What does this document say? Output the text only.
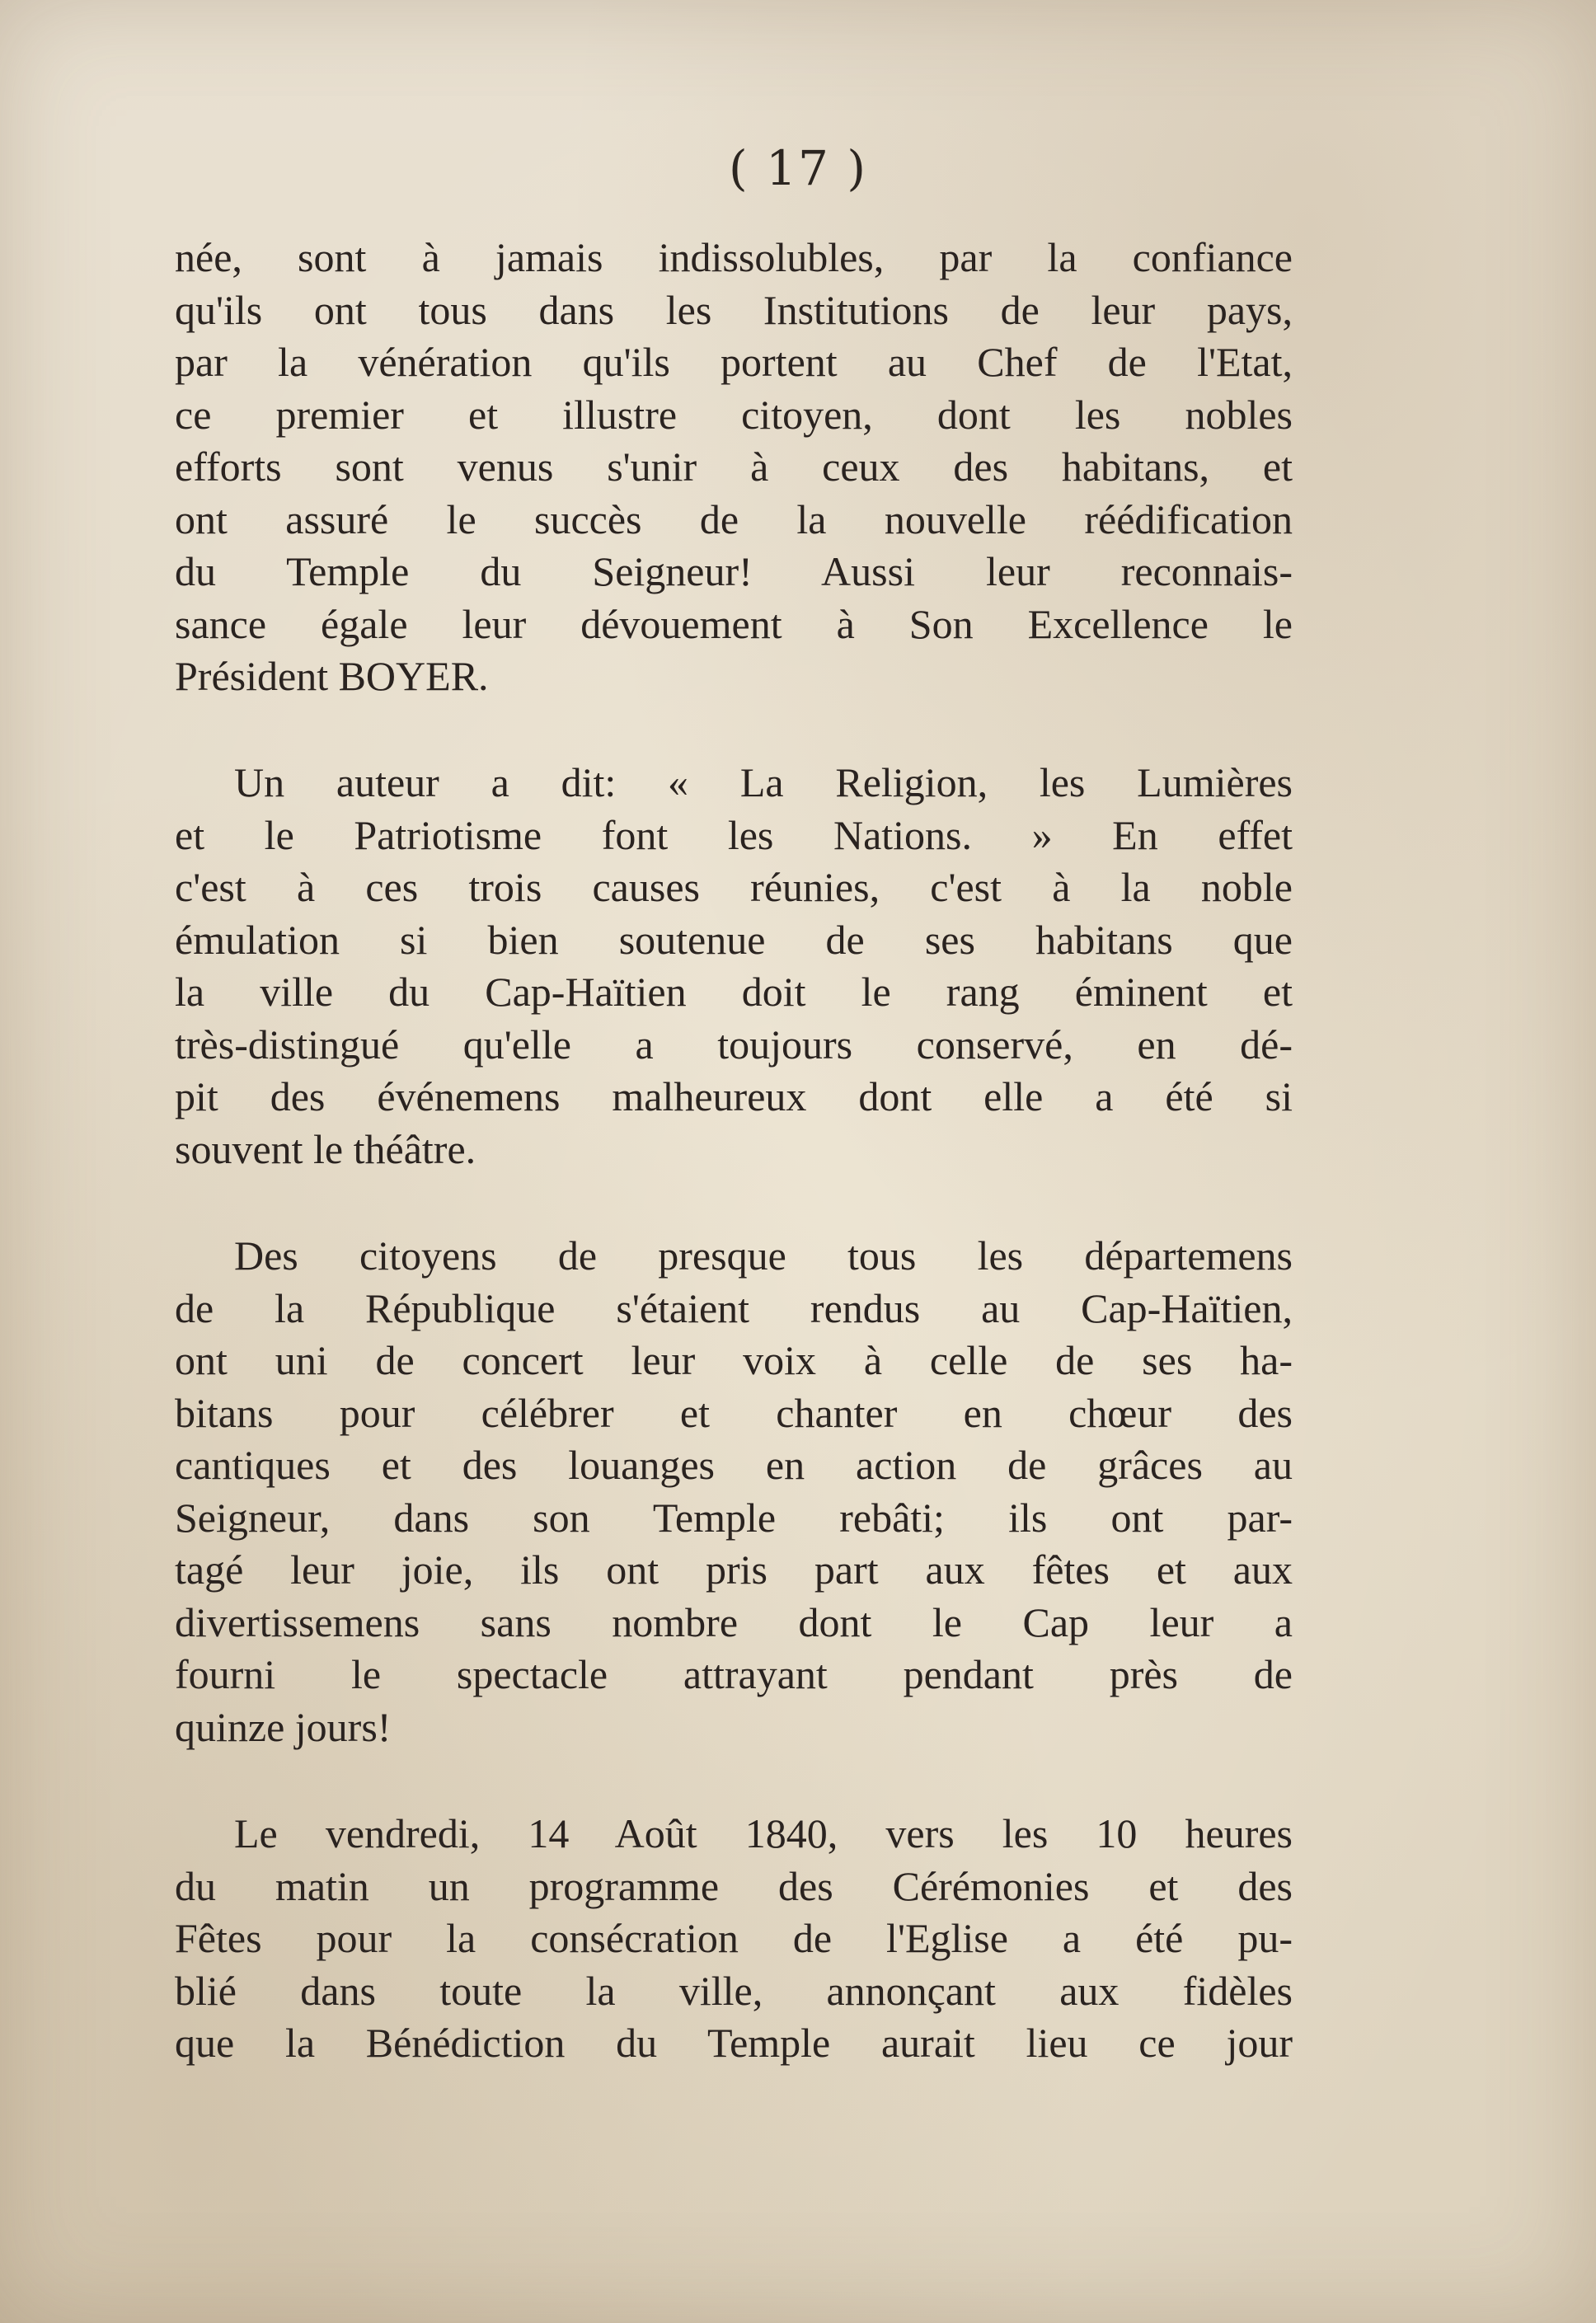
( 17 )
née, sont à jamais indissolubles, par la confiance
qu'ils ont tous dans les Institutions de leur pays,
par la vénération qu'ils portent au Chef de l'Etat,
ce premier et illustre citoyen, dont les nobles
efforts sont venus s'unir à ceux des habitans, et
ont assuré le succès de la nouvelle réédification
du Temple du Seigneur! Aussi leur reconnais-
sance égale leur dévouement à Son Excellence le
Président BOYER.
Un auteur a dit: « La Religion, les Lumières
et le Patriotisme font les Nations. » En effet
c'est à ces trois causes réunies, c'est à la noble
émulation si bien soutenue de ses habitans que
la ville du Cap-Haïtien doit le rang éminent et
très-distingué qu'elle a toujours conservé, en dé-
pit des événemens malheureux dont elle a été si
souvent le théâtre.
Des citoyens de presque tous les départemens
de la République s'étaient rendus au Cap-Haïtien,
ont uni de concert leur voix à celle de ses ha-
bitans pour célébrer et chanter en chœur des
cantiques et des louanges en action de grâces au
Seigneur, dans son Temple rebâti; ils ont par-
tagé leur joie, ils ont pris part aux fêtes et aux
divertissemens sans nombre dont le Cap leur a
fourni le spectacle attrayant pendant près de
quinze jours!
Le vendredi, 14 Août 1840, vers les 10 heures
du matin un programme des Cérémonies et des
Fêtes pour la consécration de l'Eglise a été pu-
blié dans toute la ville, annonçant aux fidèles
que la Bénédiction du Temple aurait lieu ce jour
